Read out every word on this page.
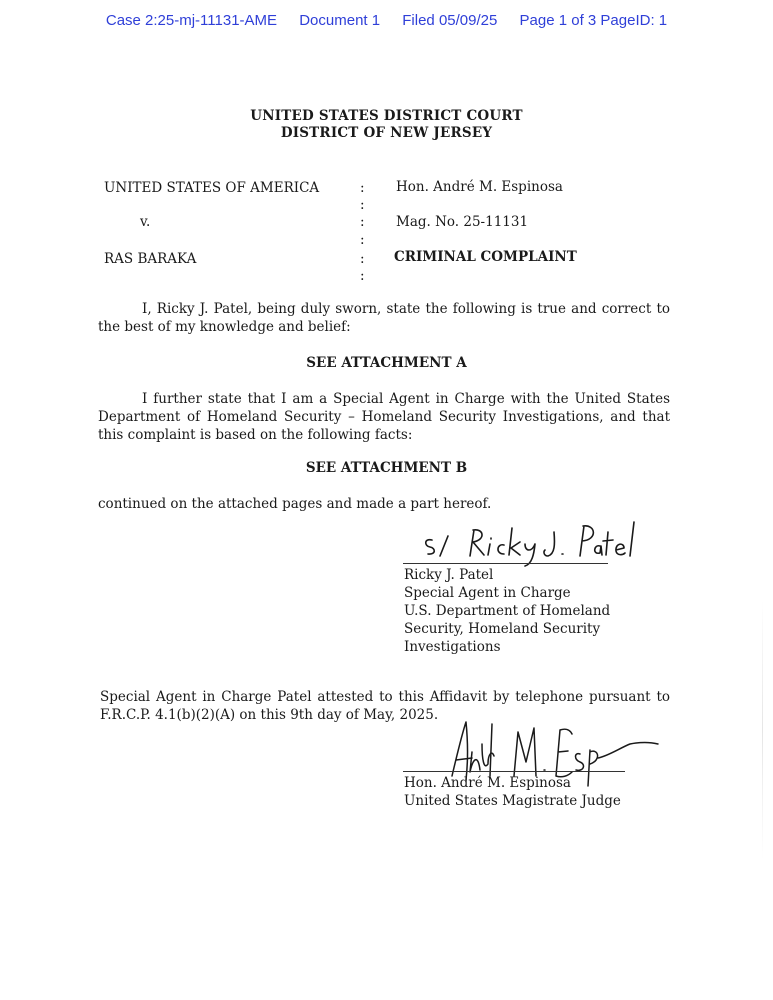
Case 2:25-mj-11131-AME Document 1 Filed 05/09/25 Page 1 of 3 PageID: 1
UNITED STATES DISTRICT COURT
DISTRICT OF NEW JERSEY
UNITED STATES OF AMERICA
v.
RAS BARAKA
:
:
:
:
:
:
Hon. André M. Espinosa
Mag. No. 25-11131
CRIMINAL COMPLAINT
I, Ricky J. Patel, being duly sworn, state the following is true and correct to the best of my knowledge and belief:
SEE ATTACHMENT A
I further state that I am a Special Agent in Charge with the United States Department of Homeland Security – Homeland Security Investigations, and that this complaint is based on the following facts:
SEE ATTACHMENT B
continued on the attached pages and made a part hereof.
Ricky J. Patel
Special Agent in Charge
U.S. Department of Homeland
Security, Homeland Security
Investigations
Special Agent in Charge Patel attested to this Affidavit by telephone pursuant to F.R.C.P. 4.1(b)(2)(A) on this 9th day of May, 2025.
Hon. André M. Espinosa
United States Magistrate Judge
